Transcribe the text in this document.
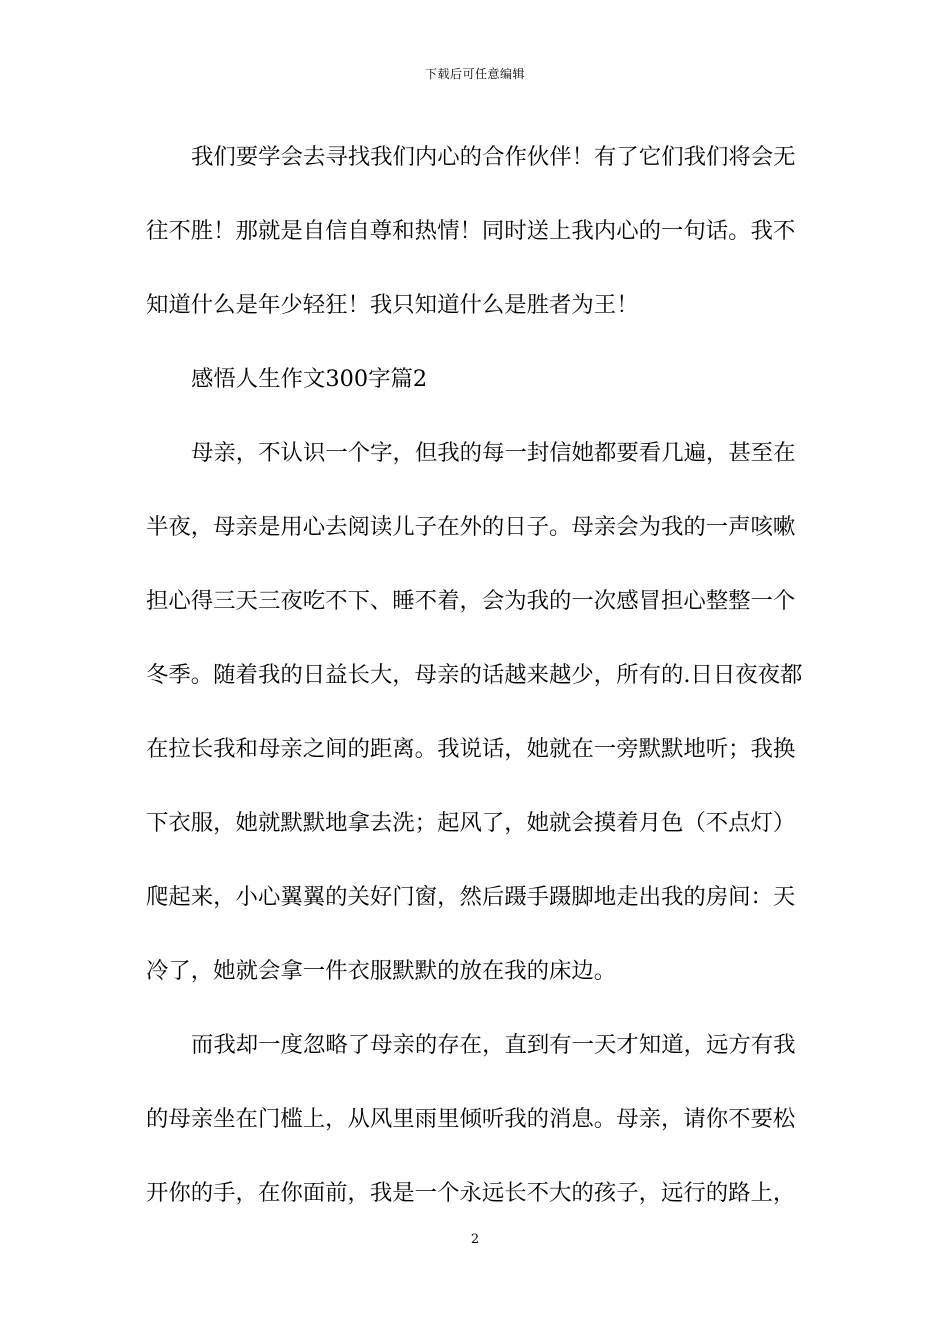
下载后可任意编辑
我们要学会去寻找我们内心的合作伙伴！有了它们我们将会无
往不胜！那就是自信自尊和热情！同时送上我内心的一句话。我不
知道什么是年少轻狂！我只知道什么是胜者为王！
感悟人生作文300字篇2
母亲，不认识一个字，但我的每一封信她都要看几遍，甚至在
半夜，母亲是用心去阅读儿子在外的日子。母亲会为我的一声咳嗽
担心得三天三夜吃不下、睡不着，会为我的一次感冒担心整整一个
冬季。随着我的日益长大，母亲的话越来越少，所有的.日日夜夜都
在拉长我和母亲之间的距离。我说话，她就在一旁默默地听；我换
下衣服，她就默默地拿去洗；起风了，她就会摸着月色（不点灯）
爬起来，小心翼翼的关好门窗，然后蹑手蹑脚地走出我的房间：天
冷了，她就会拿一件衣服默默的放在我的床边。
而我却一度忽略了母亲的存在，直到有一天才知道，远方有我
的母亲坐在门槛上，从风里雨里倾听我的消息。母亲，请你不要松
开你的手，在你面前，我是一个永远长不大的孩子，远行的路上，
2
